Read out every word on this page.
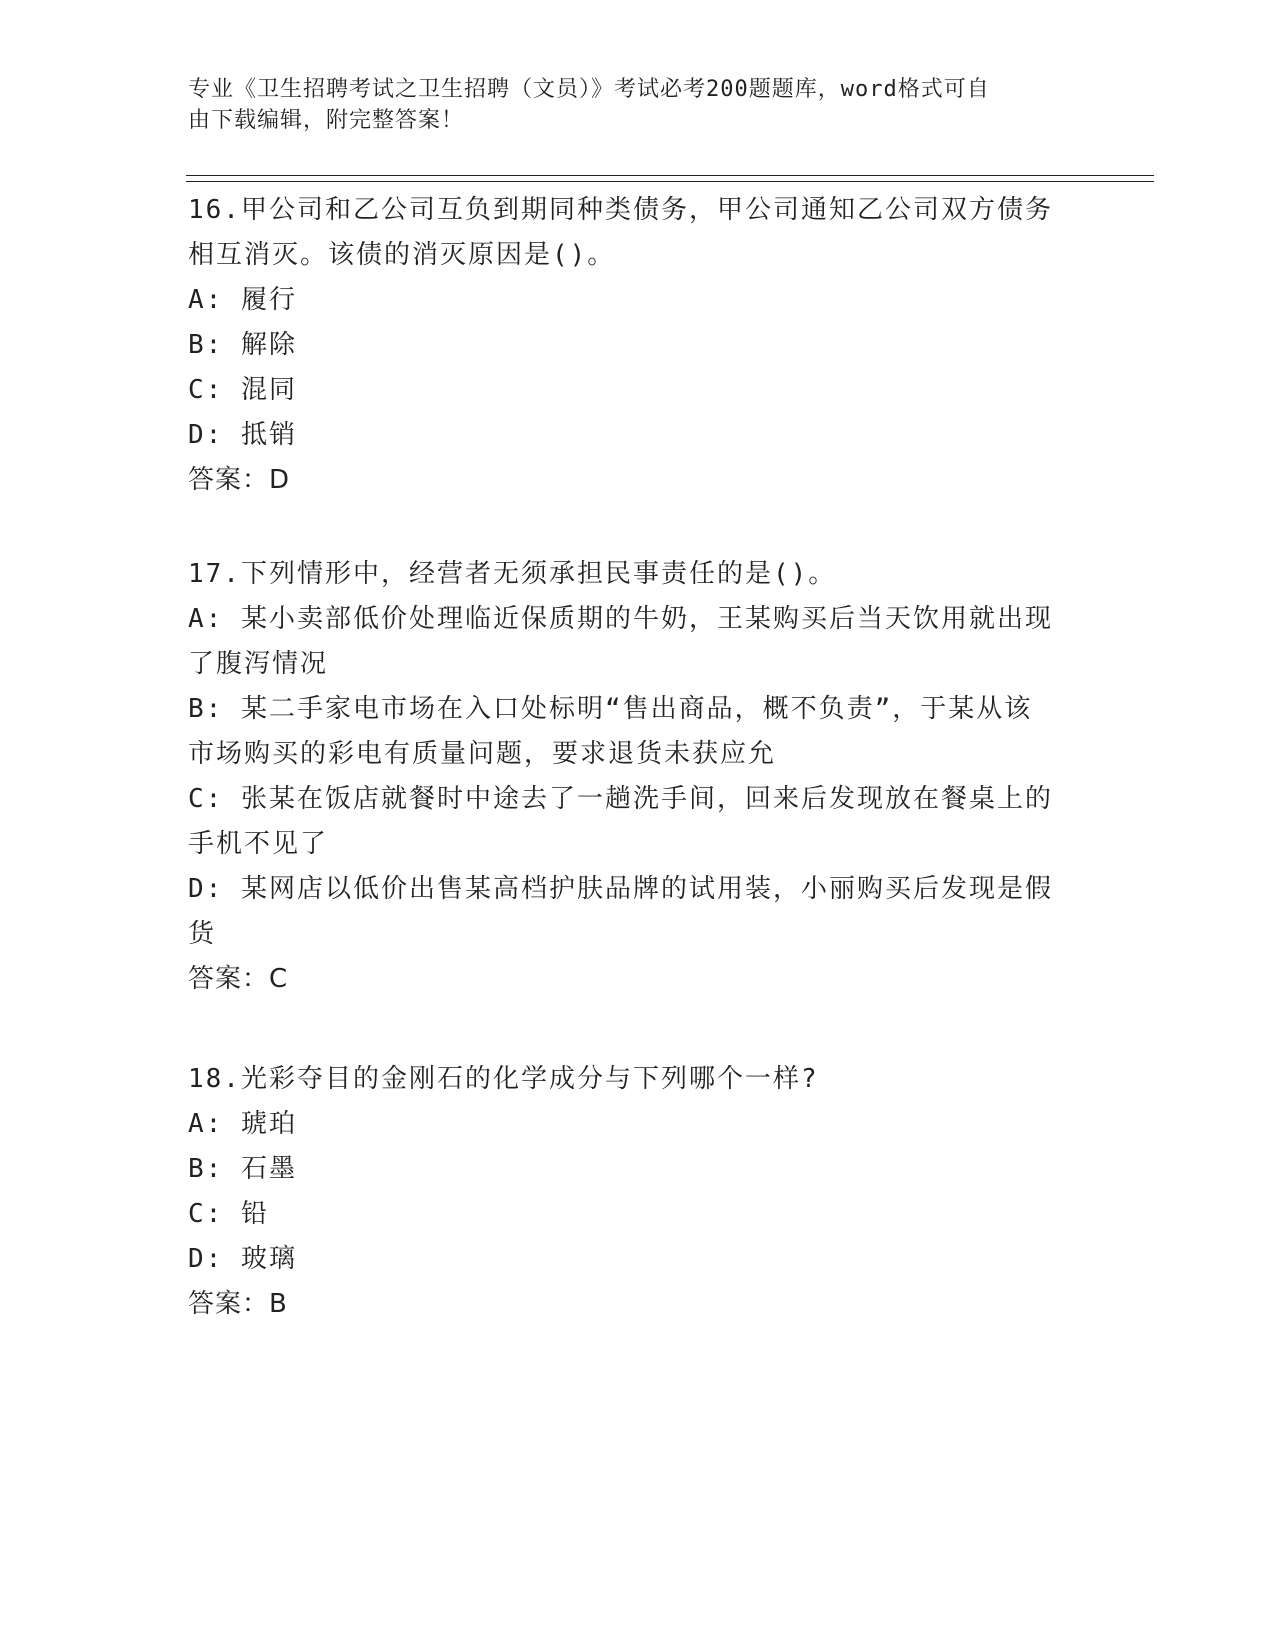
专业《卫生招聘考试之卫生招聘（文员）》考试必考200题题库，word格式可自
由下载编辑，附完整答案！
16.甲公司和乙公司互负到期同种类债务，甲公司通知乙公司双方债务
相互消灭。该债的消灭原因是()。
A: 履行
B: 解除
C: 混同
D: 抵销
答案：D
17.下列情形中，经营者无须承担民事责任的是()。
A: 某小卖部低价处理临近保质期的牛奶，王某购买后当天饮用就出现
了腹泻情况
B: 某二手家电市场在入口处标明“售出商品，概不负责”，于某从该
市场购买的彩电有质量问题，要求退货未获应允
C: 张某在饭店就餐时中途去了一趟洗手间，回来后发现放在餐桌上的
手机不见了
D: 某网店以低价出售某高档护肤品牌的试用装，小丽购买后发现是假
货
答案：C
18.光彩夺目的金刚石的化学成分与下列哪个一样?
A: 琥珀
B: 石墨
C: 铅
D: 玻璃
答案：B
